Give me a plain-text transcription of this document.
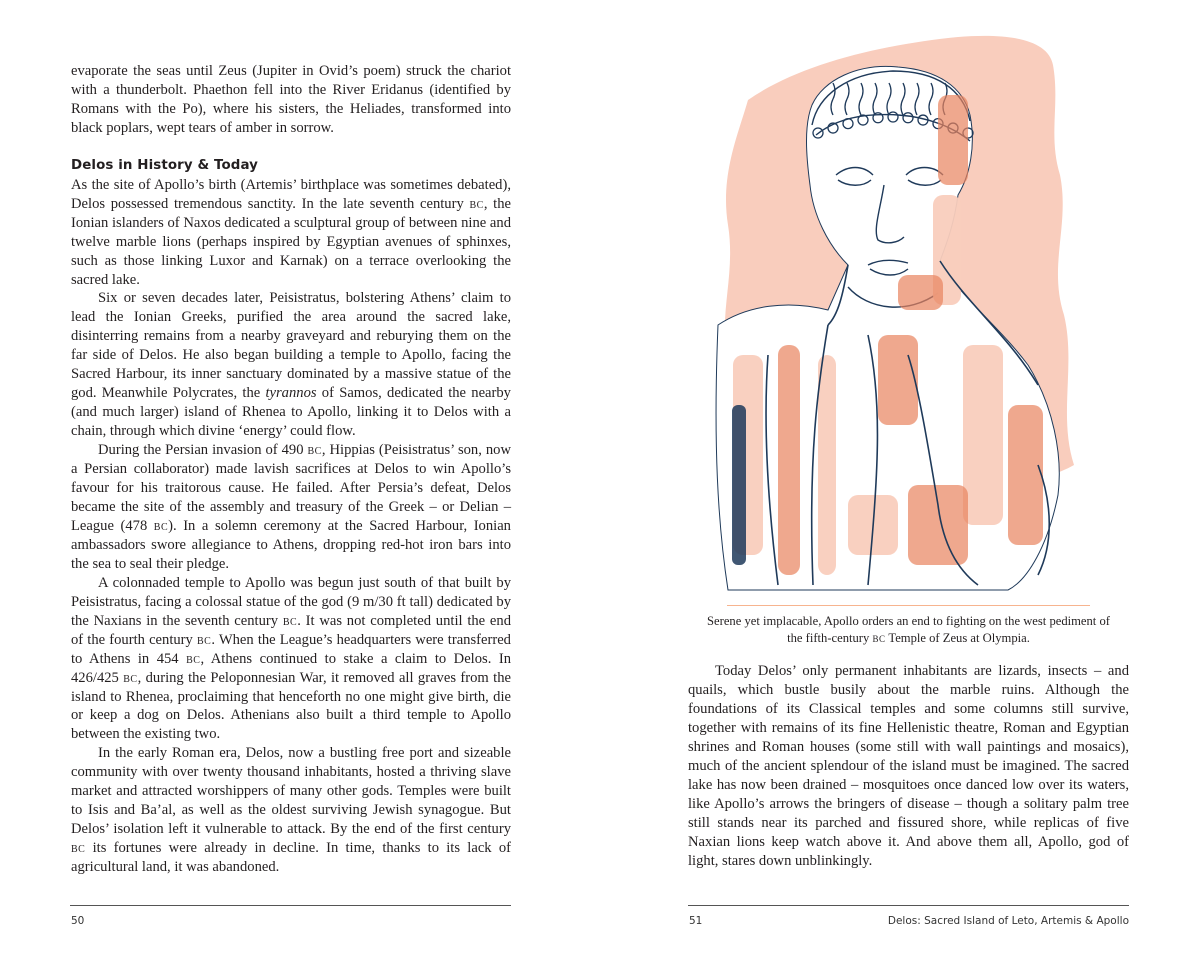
evaporate the seas until Zeus (Jupiter in Ovid’s poem) struck the chariot with a thunderbolt. Phaethon fell into the River Eridanus (identified by Romans with the Po), where his sisters, the Heliades, transformed into black poplars, wept tears of amber in sorrow.

Delos in History & Today

As the site of Apollo’s birth (Artemis’ birthplace was sometimes debated), Delos possessed tremendous sanctity. In the late seventh century bc, the Ionian islanders of Naxos dedicated a sculptural group of between nine and twelve marble lions (perhaps inspired by Egyptian avenues of sphinxes, such as those linking Luxor and Karnak) on a terrace overlooking the sacred lake.

Six or seven decades later, Peisistratus, bolstering Athens’ claim to lead the Ionian Greeks, purified the area around the sacred lake, disinterring remains from a nearby graveyard and reburying them on the far side of Delos. He also began building a temple to Apollo, facing the Sacred Harbour, its inner sanctuary dominated by a massive statue of the god. Meanwhile Polycrates, the tyrannos of Samos, dedicated the nearby (and much larger) island of Rhenea to Apollo, linking it to Delos with a chain, through which divine ‘energy’ could flow.

During the Persian invasion of 490 bc, Hippias (Peisistratus’ son, now a Persian collaborator) made lavish sacrifices at Delos to win Apollo’s favour for his traitorous cause. He failed. After Persia’s defeat, Delos became the site of the assembly and treasury of the Greek – or Delian – League (478 bc). In a solemn ceremony at the Sacred Harbour, Ionian ambassadors swore allegiance to Athens, dropping red-hot iron bars into the sea to seal their pledge.

A colonnaded temple to Apollo was begun just south of that built by Peisistratus, facing a colossal statue of the god (9 m/30 ft tall) dedicated by the Naxians in the seventh century bc. It was not completed until the end of the fourth century bc. When the League’s headquarters were transferred to Athens in 454 bc, Athens continued to stake a claim to Delos. In 426/425 bc, during the Peloponnesian War, it removed all graves from the island to Rhenea, proclaiming that henceforth no one might give birth, die or keep a dog on Delos. Athenians also built a third temple to Apollo between the existing two.

In the early Roman era, Delos, now a bustling free port and sizeable community with over twenty thousand inhabitants, hosted a thriving slave market and attracted worshippers of many other gods. Temples were built to Isis and Ba’al, as well as the oldest surviving Jewish synagogue. But Delos’ isolation left it vulnerable to attack. By the end of the first century bc its fortunes were already in decline. In time, thanks to its lack of agricultural land, it was abandoned.

50
Serene yet implacable, Apollo orders an end to fighting on the west pediment of the fifth-century bc Temple of Zeus at Olympia.

Today Delos’ only permanent inhabitants are lizards, insects – and quails, which bustle busily about the marble ruins. Although the foundations of its Classical temples and some columns still survive, together with remains of its fine Hellenistic theatre, Roman and Egyptian shrines and Roman houses (some still with wall paintings and mosaics), much of the ancient splendour of the island must be imagined. The sacred lake has now been drained – mosquitoes once danced low over its waters, like Apollo’s arrows the bringers of disease – though a solitary palm tree still stands near its parched and fissured shore, while replicas of five Naxian lions keep watch above it. And above them all, Apollo, god of light, stares down unblinkingly.

51	Delos: Sacred Island of Leto, Artemis & Apollo
